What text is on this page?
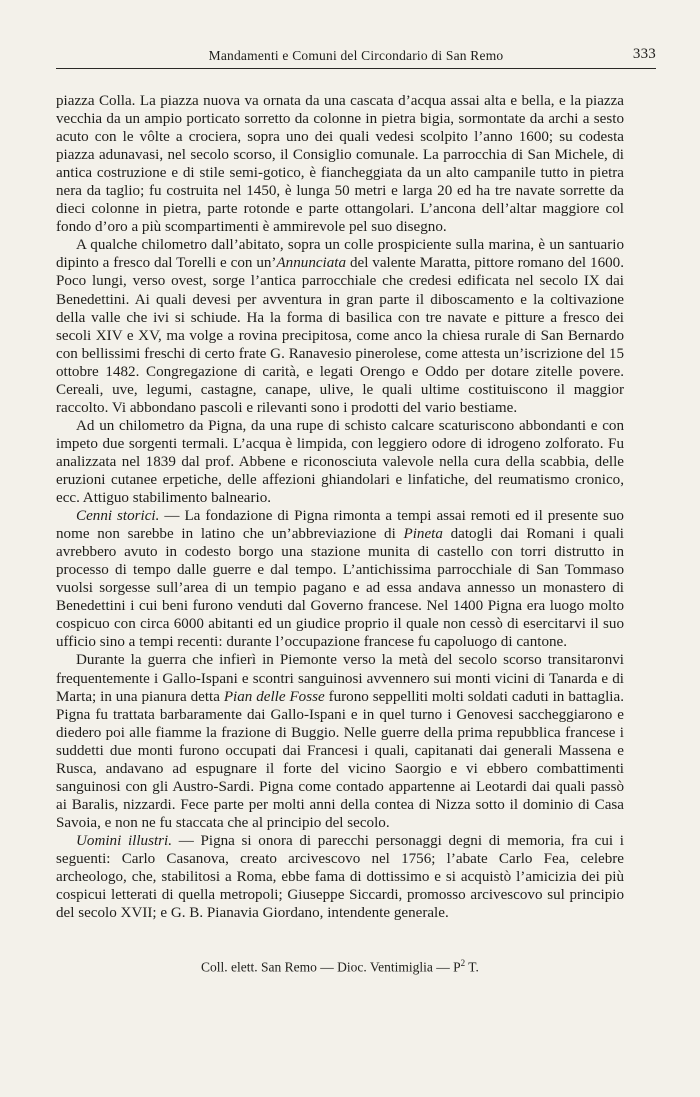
Mandamenti e Comuni del Circondario di San Remo	333

piazza Colla. La piazza nuova va ornata da una cascata d’acqua assai alta e bella, e la piazza vecchia da un ampio porticato sorretto da colonne in pietra bigia, sormontate da archi a sesto acuto con le vôlte a crociera, sopra uno dei quali vedesi scolpito l’anno 1600; su codesta piazza adunavasi, nel secolo scorso, il Consiglio comunale. La parrocchia di San Michele, di antica costruzione e di stile semi-gotico, è fiancheggiata da un alto campanile tutto in pietra nera da taglio; fu costruita nel 1450, è lunga 50 metri e larga 20 ed ha tre navate sorrette da dieci colonne in pietra, parte rotonde e parte ottangolari. L’ancona dell’altar maggiore col fondo d’oro a più scompartimenti è ammirevole pel suo disegno.

A qualche chilometro dall’abitato, sopra un colle prospiciente sulla marina, è un santuario dipinto a fresco dal Torelli e con un’Annunciata del valente Maratta, pittore romano del 1600. Poco lungi, verso ovest, sorge l’antica parrocchiale che credesi edificata nel secolo IX dai Benedettini. Ai quali devesi per avventura in gran parte il diboscamento e la coltivazione della valle che ivi si schiude. Ha la forma di basilica con tre navate e pitture a fresco dei secoli XIV e XV, ma volge a rovina precipitosa, come anco la chiesa rurale di San Bernardo con bellissimi freschi di certo frate G. Ranavesio pinerolese, come attesta un’iscrizione del 15 ottobre 1482. Congregazione di carità, e legati Orengo e Oddo per dotare zitelle povere. Cereali, uve, legumi, castagne, canape, ulive, le quali ultime costituiscono il maggior raccolto. Vi abbondano pascoli e rilevanti sono i prodotti del vario bestiame.

Ad un chilometro da Pigna, da una rupe di schisto calcare scaturiscono abbondanti e con impeto due sorgenti termali. L’acqua è limpida, con leggiero odore di idrogeno zolforato. Fu analizzata nel 1839 dal prof. Abbene e riconosciuta valevole nella cura della scabbia, delle eruzioni cutanee erpetiche, delle affezioni ghiandolari e linfatiche, del reumatismo cronico, ecc. Attiguo stabilimento balneario.

Cenni storici. — La fondazione di Pigna rimonta a tempi assai remoti ed il presente suo nome non sarebbe in latino che un’abbreviazione di Pineta datogli dai Romani i quali avrebbero avuto in codesto borgo una stazione munita di castello con torri distrutto in processo di tempo dalle guerre e dal tempo. L’antichissima parrocchiale di San Tommaso vuolsi sorgesse sull’area di un tempio pagano e ad essa andava annesso un monastero di Benedettini i cui beni furono venduti dal Governo francese. Nel 1400 Pigna era luogo molto cospicuo con circa 6000 abitanti ed un giudice proprio il quale non cessò di esercitarvi il suo ufficio sino a tempi recenti: durante l’occupazione francese fu capoluogo di cantone.

Durante la guerra che infierì in Piemonte verso la metà del secolo scorso transitaronvi frequentemente i Gallo-Ispani e scontri sanguinosi avvennero sui monti vicini di Tanarda e di Marta; in una pianura detta Pian delle Fosse furono seppelliti molti soldati caduti in battaglia. Pigna fu trattata barbaramente dai Gallo-Ispani e in quel turno i Genovesi saccheggiarono e diedero poi alle fiamme la frazione di Buggio. Nelle guerre della prima repubblica francese i suddetti due monti furono occupati dai Francesi i quali, capitanati dai generali Massena e Rusca, andavano ad espugnare il forte del vicino Saorgio e vi ebbero combattimenti sanguinosi con gli Austro-Sardi. Pigna come contado appartenne ai Leotardi dai quali passò ai Baralis, nizzardi. Fece parte per molti anni della contea di Nizza sotto il dominio di Casa Savoia, e non ne fu staccata che al principio del secolo.

Uomini illustri. — Pigna si onora di parecchi personaggi degni di memoria, fra cui i seguenti: Carlo Casanova, creato arcivescovo nel 1756; l’abate Carlo Fea, celebre archeologo, che, stabilitosi a Roma, ebbe fama di dottissimo e si acquistò l’amicizia dei più cospicui letterati di quella metropoli; Giuseppe Siccardi, promosso arcivescovo sul principio del secolo XVII; e G. B. Pianavia Giordano, intendente generale.

Coll. elett. San Remo — Dioc. Ventimiglia — $P^2$ T.
